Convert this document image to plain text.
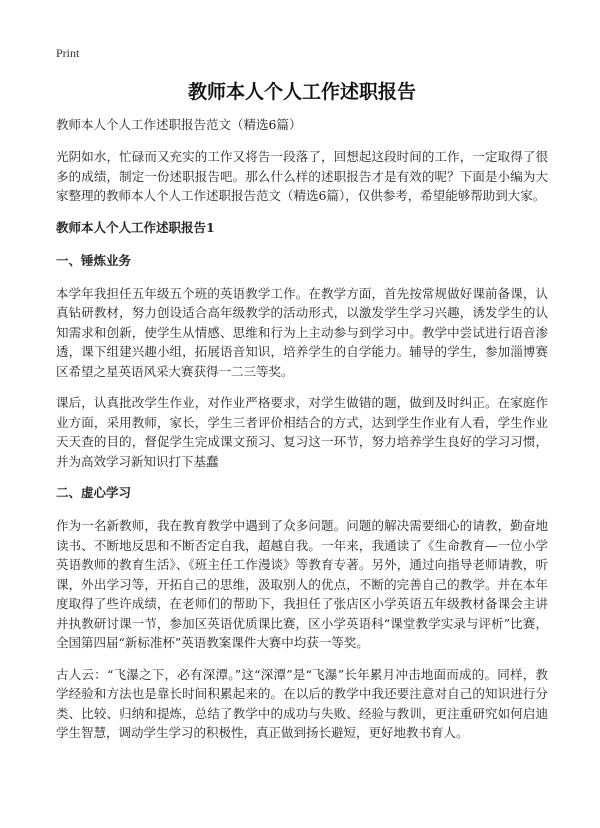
Print
教师本人个人工作述职报告
教师本人个人工作述职报告范文（精选6篇）
光阴如水，忙碌而又充实的工作又将告一段落了，回想起这段时间的工作，一定取得了很多的成绩，制定一份述职报告吧。那么什么样的述职报告才是有效的呢？下面是小编为大家整理的教师本人个人工作述职报告范文（精选6篇），仅供参考，希望能够帮助到大家。
教师本人个人工作述职报告1
一、锤炼业务
本学年我担任五年级五个班的英语教学工作。在教学方面，首先按常规做好课前备课，认真钻研教材，努力创设适合高年级教学的活动形式，以激发学生学习兴趣，诱发学生的认知需求和创新，使学生从情感、思维和行为上主动参与到学习中。教学中尝试进行语音渗透，课下组建兴趣小组，拓展语音知识，培养学生的自学能力。辅导的学生，参加淄博赛区希望之星英语风采大赛获得一二三等奖。
课后，认真批改学生作业，对作业严格要求，对学生做错的题，做到及时纠正。在家庭作业方面，采用教师，家长，学生三者评价相结合的方式，达到学生作业有人看，学生作业天天查的目的，督促学生完成课文预习、复习这一环节，努力培养学生良好的学习习惯，并为高效学习新知识打下基蠢
二、虚心学习
作为一名新教师，我在教育教学中遇到了众多问题。问题的解决需要细心的请教，勤奋地读书、不断地反思和不断否定自我，超越自我。一年来，我通读了《生命教育—一位小学英语教师的教育生活》、《班主任工作漫谈》等教育专著。另外，通过向指导老师请教，听课，外出学习等，开拓自己的思维，汲取别人的优点，不断的完善自己的教学。并在本年度取得了些许成绩，在老师们的帮助下，我担任了张店区小学英语五年级教材备课会主讲并执教研讨课一节，参加区英语优质课比赛，区小学英语科“课堂教学实录与评析”比赛，全国第四届“新标准杯”英语教案课件大赛中均获一等奖。
古人云：“飞瀑之下，必有深潭。”这“深潭”是“飞瀑”长年累月冲击地面而成的。同样，教学经验和方法也是靠长时间积累起来的。在以后的教学中我还要注意对自己的知识进行分类、比较、归纳和提炼，总结了教学中的成功与失败、经验与教训，更注重研究如何启迪学生智慧，调动学生学习的积极性，真正做到扬长避短，更好地教书育人。
